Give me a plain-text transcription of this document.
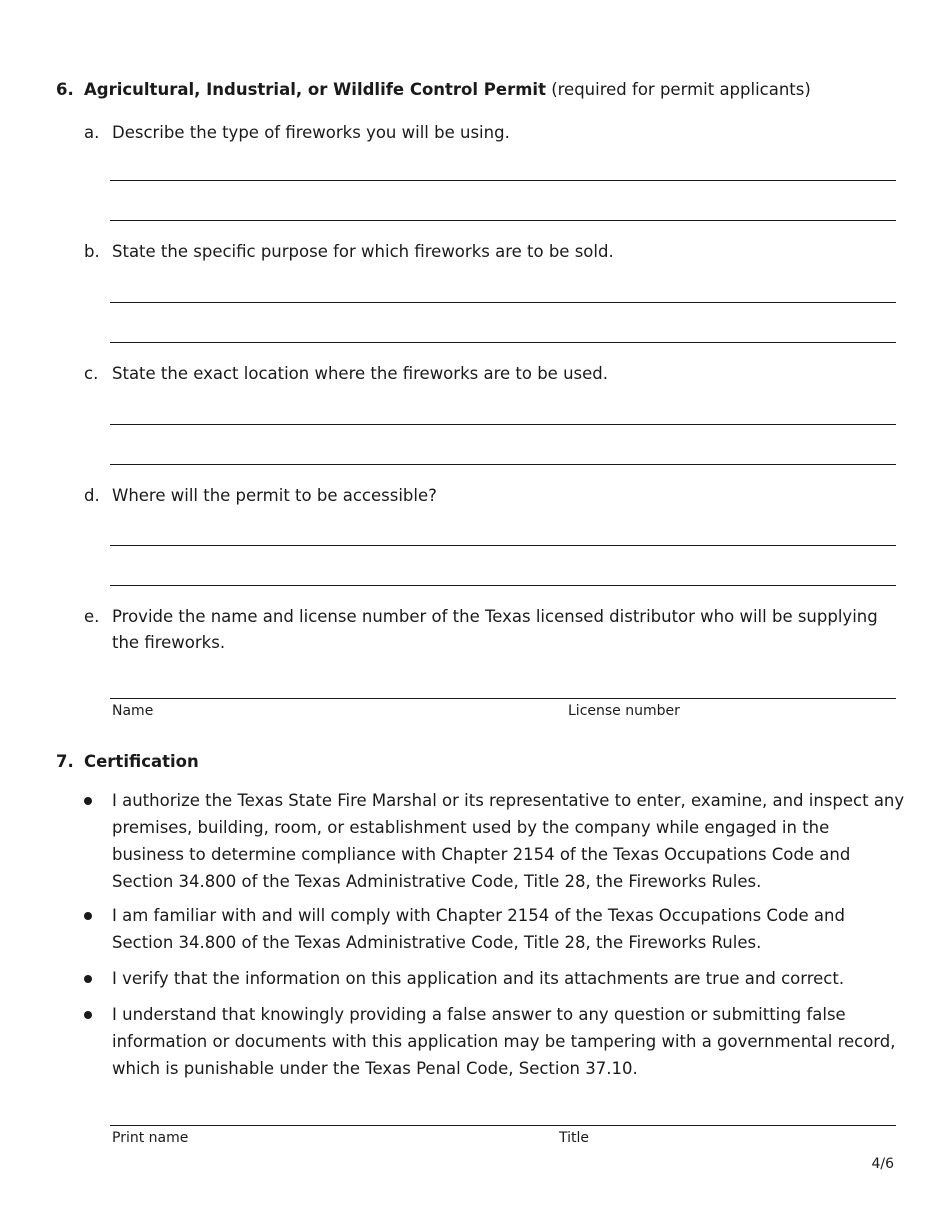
6. Agricultural, Industrial, or Wildlife Control Permit (required for permit applicants)
a. Describe the type of fireworks you will be using.
b. State the specific purpose for which fireworks are to be sold.
c. State the exact location where the fireworks are to be used.
d. Where will the permit to be accessible?
e. Provide the name and license number of the Texas licensed distributor who will be supplying
the fireworks.
Name	License number
7. Certification
I authorize the Texas State Fire Marshal or its representative to enter, examine, and inspect any
premises, building, room, or establishment used by the company while engaged in the
business to determine compliance with Chapter 2154 of the Texas Occupations Code and
Section 34.800 of the Texas Administrative Code, Title 28, the Fireworks Rules.
I am familiar with and will comply with Chapter 2154 of the Texas Occupations Code and
Section 34.800 of the Texas Administrative Code, Title 28, the Fireworks Rules.
I verify that the information on this application and its attachments are true and correct.
I understand that knowingly providing a false answer to any question or submitting false
information or documents with this application may be tampering with a governmental record,
which is punishable under the Texas Penal Code, Section 37.10.
Print name	Title
4/6
